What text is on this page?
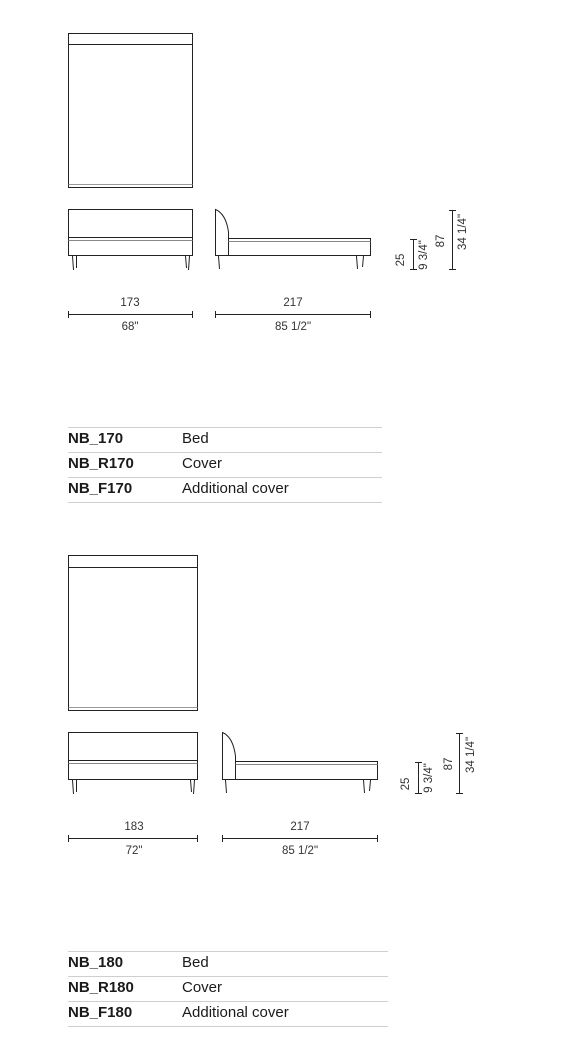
173
68"
217
85 1/2"
25 9 3/4" 87 34 1/4"
NB_170	Bed
NB_R170	Cover
NB_F170	Additional cover
183
72"
217
85 1/2"
25 9 3/4" 87 34 1/4"
NB_180	Bed
NB_R180	Cover
NB_F180	Additional cover
